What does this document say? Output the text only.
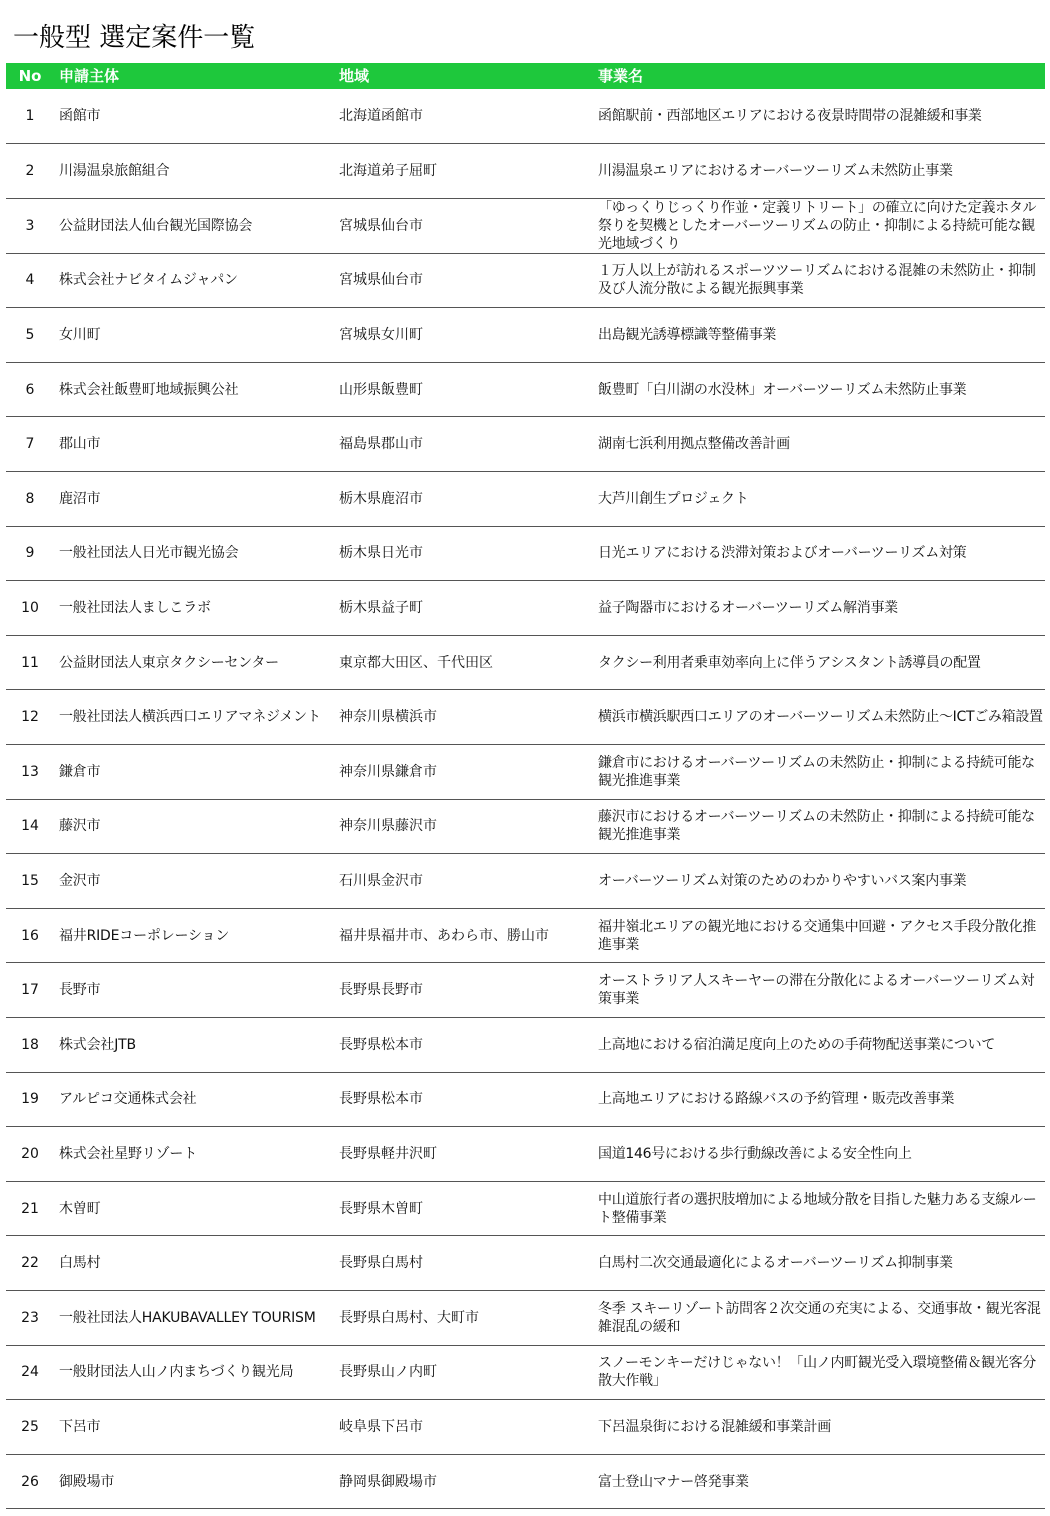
一般型 選定案件一覧
No	申請主体	地域	事業名
1	函館市	北海道函館市	函館駅前・西部地区エリアにおける夜景時間帯の混雑緩和事業
2	川湯温泉旅館組合	北海道弟子屈町	川湯温泉エリアにおけるオーバーツーリズム未然防止事業
3	公益財団法人仙台観光国際協会	宮城県仙台市	「ゆっくりじっくり作並・定義リトリート」の確立に向けた定義ホタル祭りを契機としたオーバーツーリズムの防止・抑制による持続可能な観光地域づくり
4	株式会社ナビタイムジャパン	宮城県仙台市	１万人以上が訪れるスポーツツーリズムにおける混雑の未然防止・抑制及び人流分散による観光振興事業
5	女川町	宮城県女川町	出島観光誘導標識等整備事業
6	株式会社飯豊町地域振興公社	山形県飯豊町	飯豊町「白川湖の水没林」オーバーツーリズム未然防止事業
7	郡山市	福島県郡山市	湖南七浜利用拠点整備改善計画
8	鹿沼市	栃木県鹿沼市	大芦川創生プロジェクト
9	一般社団法人日光市観光協会	栃木県日光市	日光エリアにおける渋滞対策およびオーバーツーリズム対策
10	一般社団法人ましこラボ	栃木県益子町	益子陶器市におけるオーバーツーリズム解消事業
11	公益財団法人東京タクシーセンター	東京都大田区、千代田区	タクシー利用者乗車効率向上に伴うアシスタント誘導員の配置
12	一般社団法人横浜西口エリアマネジメント	神奈川県横浜市	横浜市横浜駅西口エリアのオーバーツーリズム未然防止～ICTごみ箱設置
13	鎌倉市	神奈川県鎌倉市	鎌倉市におけるオーバーツーリズムの未然防止・抑制による持続可能な観光推進事業
14	藤沢市	神奈川県藤沢市	藤沢市におけるオーバーツーリズムの未然防止・抑制による持続可能な観光推進事業
15	金沢市	石川県金沢市	オーバーツーリズム対策のためのわかりやすいバス案内事業
16	福井RIDEコーポレーション	福井県福井市、あわら市、勝山市	福井嶺北エリアの観光地における交通集中回避・アクセス手段分散化推進事業
17	長野市	長野県長野市	オーストラリア人スキーヤーの滞在分散化によるオーバーツーリズム対策事業
18	株式会社JTB	長野県松本市	上高地における宿泊満足度向上のための手荷物配送事業について
19	アルピコ交通株式会社	長野県松本市	上高地エリアにおける路線バスの予約管理・販売改善事業
20	株式会社星野リゾート	長野県軽井沢町	国道146号における歩行動線改善による安全性向上
21	木曽町	長野県木曽町	中山道旅行者の選択肢増加による地域分散を目指した魅力ある支線ルート整備事業
22	白馬村	長野県白馬村	白馬村二次交通最適化によるオーバーツーリズム抑制事業
23	一般社団法人HAKUBAVALLEY TOURISM	長野県白馬村、大町市	冬季 スキーリゾート訪問客２次交通の充実による、交通事故・観光客混雑混乱の緩和
24	一般財団法人山ノ内まちづくり観光局	長野県山ノ内町	スノーモンキーだけじゃない！「山ノ内町観光受入環境整備＆観光客分散大作戦」
25	下呂市	岐阜県下呂市	下呂温泉街における混雑緩和事業計画
26	御殿場市	静岡県御殿場市	富士登山マナー啓発事業
